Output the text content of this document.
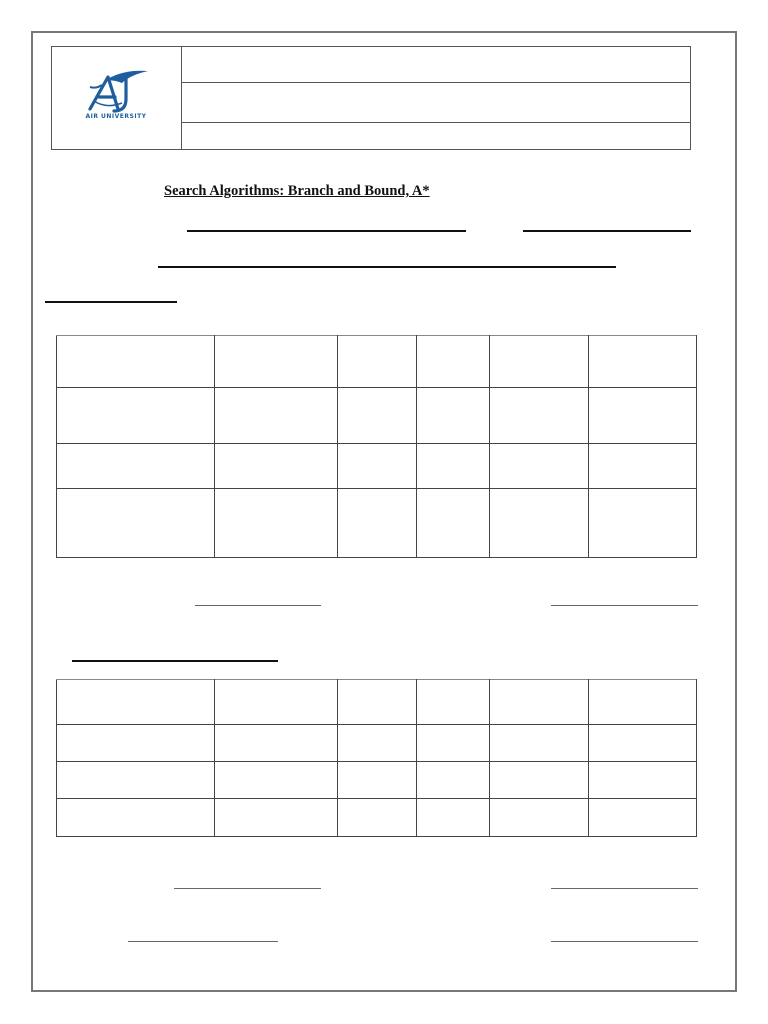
AIR UNIVERSITY
Search Algorithms: Branch and Bound, A*
